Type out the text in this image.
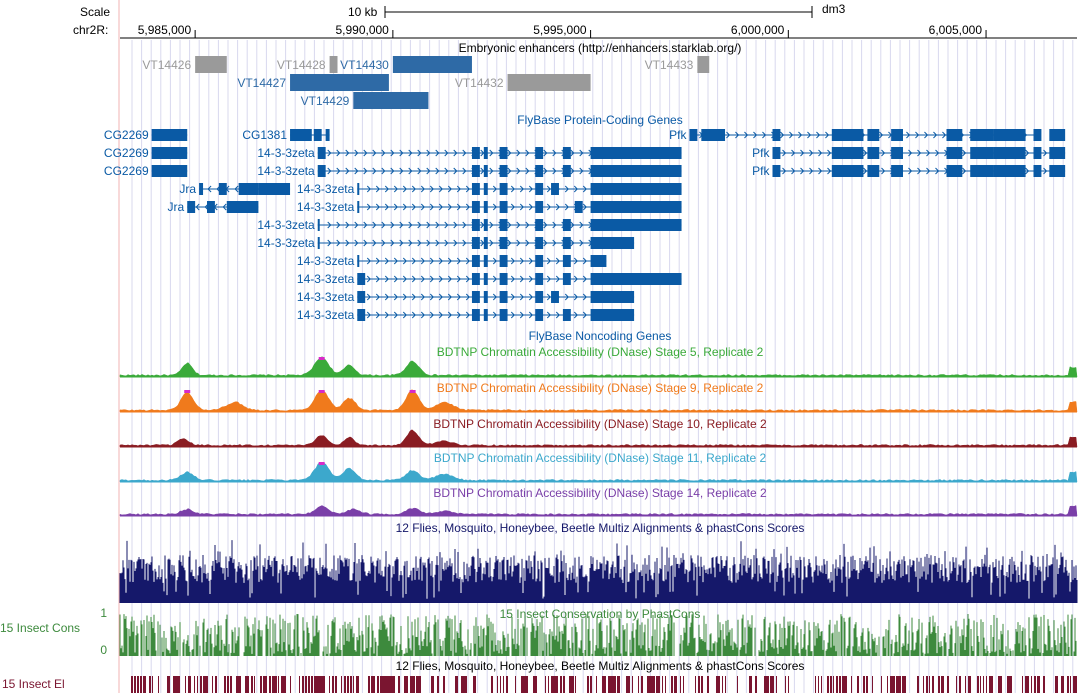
Scale	10 kb	dm3
chr2R: 5,985,000	5,990,000	5,995,000	6,000,000	6,005,000
Embryonic enhancers (http://enhancers.starklab.org/)
VT14426	VT14428 VT14430	VT14433
VT14427	VT14432
VT14429
FlyBase Protein-Coding Genes
CG2269
CG2269
CG2269
CG1381
14-3-3zeta
14-3-3zeta
Jra
Jra
14-3-3zeta
14-3-3zeta
14-3-3zeta
14-3-3zeta
14-3-3zeta
14-3-3zeta
14-3-3zeta
14-3-3zeta
Pfk
Pfk
Pfk
FlyBase Noncoding Genes
BDTNP Chromatin Accessibility (DNase) Stage 5, Replicate 2
BDTNP Chromatin Accessibility (DNase) Stage 9, Replicate 2
BDTNP Chromatin Accessibility (DNase) Stage 10, Replicate 2
BDTNP Chromatin Accessibility (DNase) Stage 11, Replicate 2
BDTNP Chromatin Accessibility (DNase) Stage 14, Replicate 2
12 Flies, Mosquito, Honeybee, Beetle Multiz Alignments & phastCons Scores
15 Insect Conservation by PhastCons
15 Insect Cons
1
0
12 Flies, Mosquito, Honeybee, Beetle Multiz Alignments & phastCons Scores
15 Insect El
